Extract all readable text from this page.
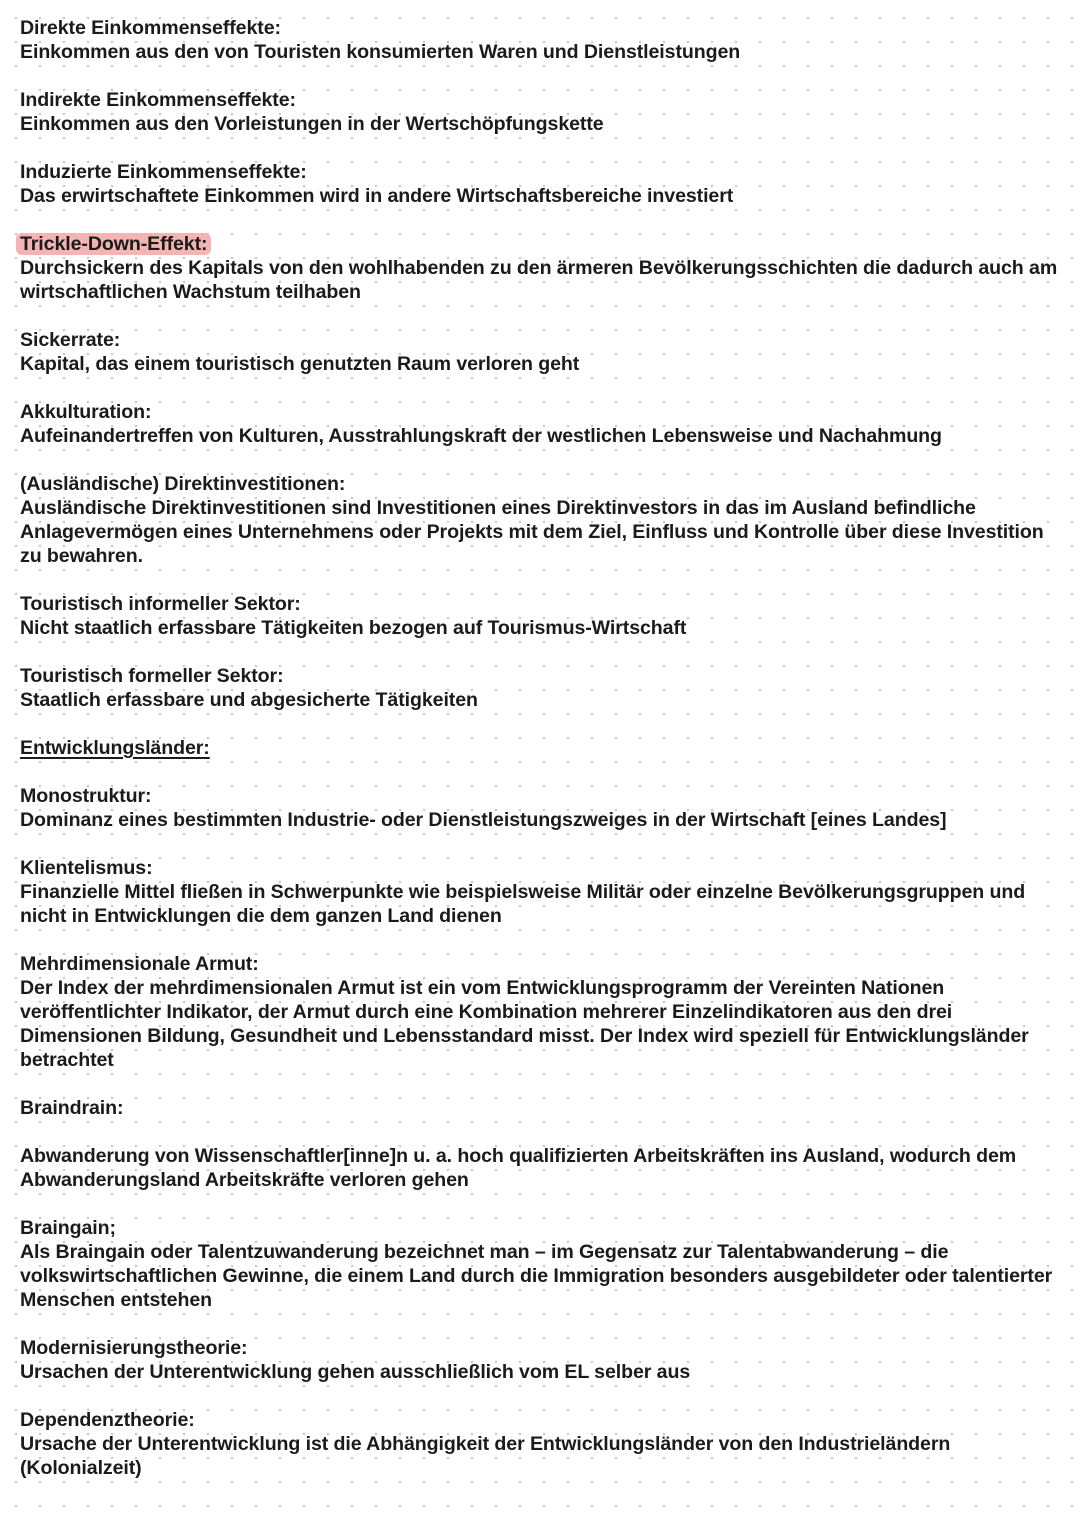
Direkte Einkommenseffekte:
Einkommen aus den von Touristen konsumierten Waren und Dienstleistungen
Indirekte Einkommenseffekte:
Einkommen aus den Vorleistungen in der Wertschöpfungskette
Induzierte Einkommenseffekte:
Das erwirtschaftete Einkommen wird in andere Wirtschaftsbereiche investiert
Trickle-Down-Effekt:
Durchsickern des Kapitals von den wohlhabenden zu den ärmeren Bevölkerungsschichten die dadurch auch am wirtschaftlichen Wachstum teilhaben
Sickerrate:
Kapital, das einem touristisch genutzten Raum verloren geht
Akkulturation:
Aufeinandertreffen von Kulturen, Ausstrahlungskraft der westlichen Lebensweise und Nachahmung
(Ausländische) Direktinvestitionen:
Ausländische Direktinvestitionen sind Investitionen eines Direktinvestors in das im Ausland befindliche Anlagevermögen eines Unternehmens oder Projekts mit dem Ziel, Einfluss und Kontrolle über diese Investition zu bewahren.
Touristisch informeller Sektor:
Nicht staatlich erfassbare Tätigkeiten bezogen auf Tourismus-Wirtschaft
Touristisch formeller Sektor:
Staatlich erfassbare und abgesicherte Tätigkeiten
Entwicklungsländer:
Monostruktur:
Dominanz eines bestimmten Industrie- oder Dienstleistungszweiges in der Wirtschaft [eines Landes]
Klientelismus:
Finanzielle Mittel fließen in Schwerpunkte wie beispielsweise Militär oder einzelne Bevölkerungsgruppen und nicht in Entwicklungen die dem ganzen Land dienen
Mehrdimensionale Armut:
Der Index der mehrdimensionalen Armut ist ein vom Entwicklungsprogramm der Vereinten Nationen veröffentlichter Indikator, der Armut durch eine Kombination mehrerer Einzelindikatoren aus den drei Dimensionen Bildung, Gesundheit und Lebensstandard misst. Der Index wird speziell für Entwicklungsländer betrachtet
Braindrain:
Abwanderung von Wissenschaftler[inne]n u. a. hoch qualifizierten Arbeitskräften ins Ausland, wodurch dem Abwanderungsland Arbeitskräfte verloren gehen
Braingain;
Als Braingain oder Talentzuwanderung bezeichnet man – im Gegensatz zur Talentabwanderung – die volkswirtschaftlichen Gewinne, die einem Land durch die Immigration besonders ausgebildeter oder talentierter Menschen entstehen
Modernisierungstheorie:
Ursachen der Unterentwicklung gehen ausschließlich vom EL selber aus
Dependenztheorie:
Ursache der Unterentwicklung ist die Abhängigkeit der Entwicklungsländer von den Industrieländern (Kolonialzeit)
